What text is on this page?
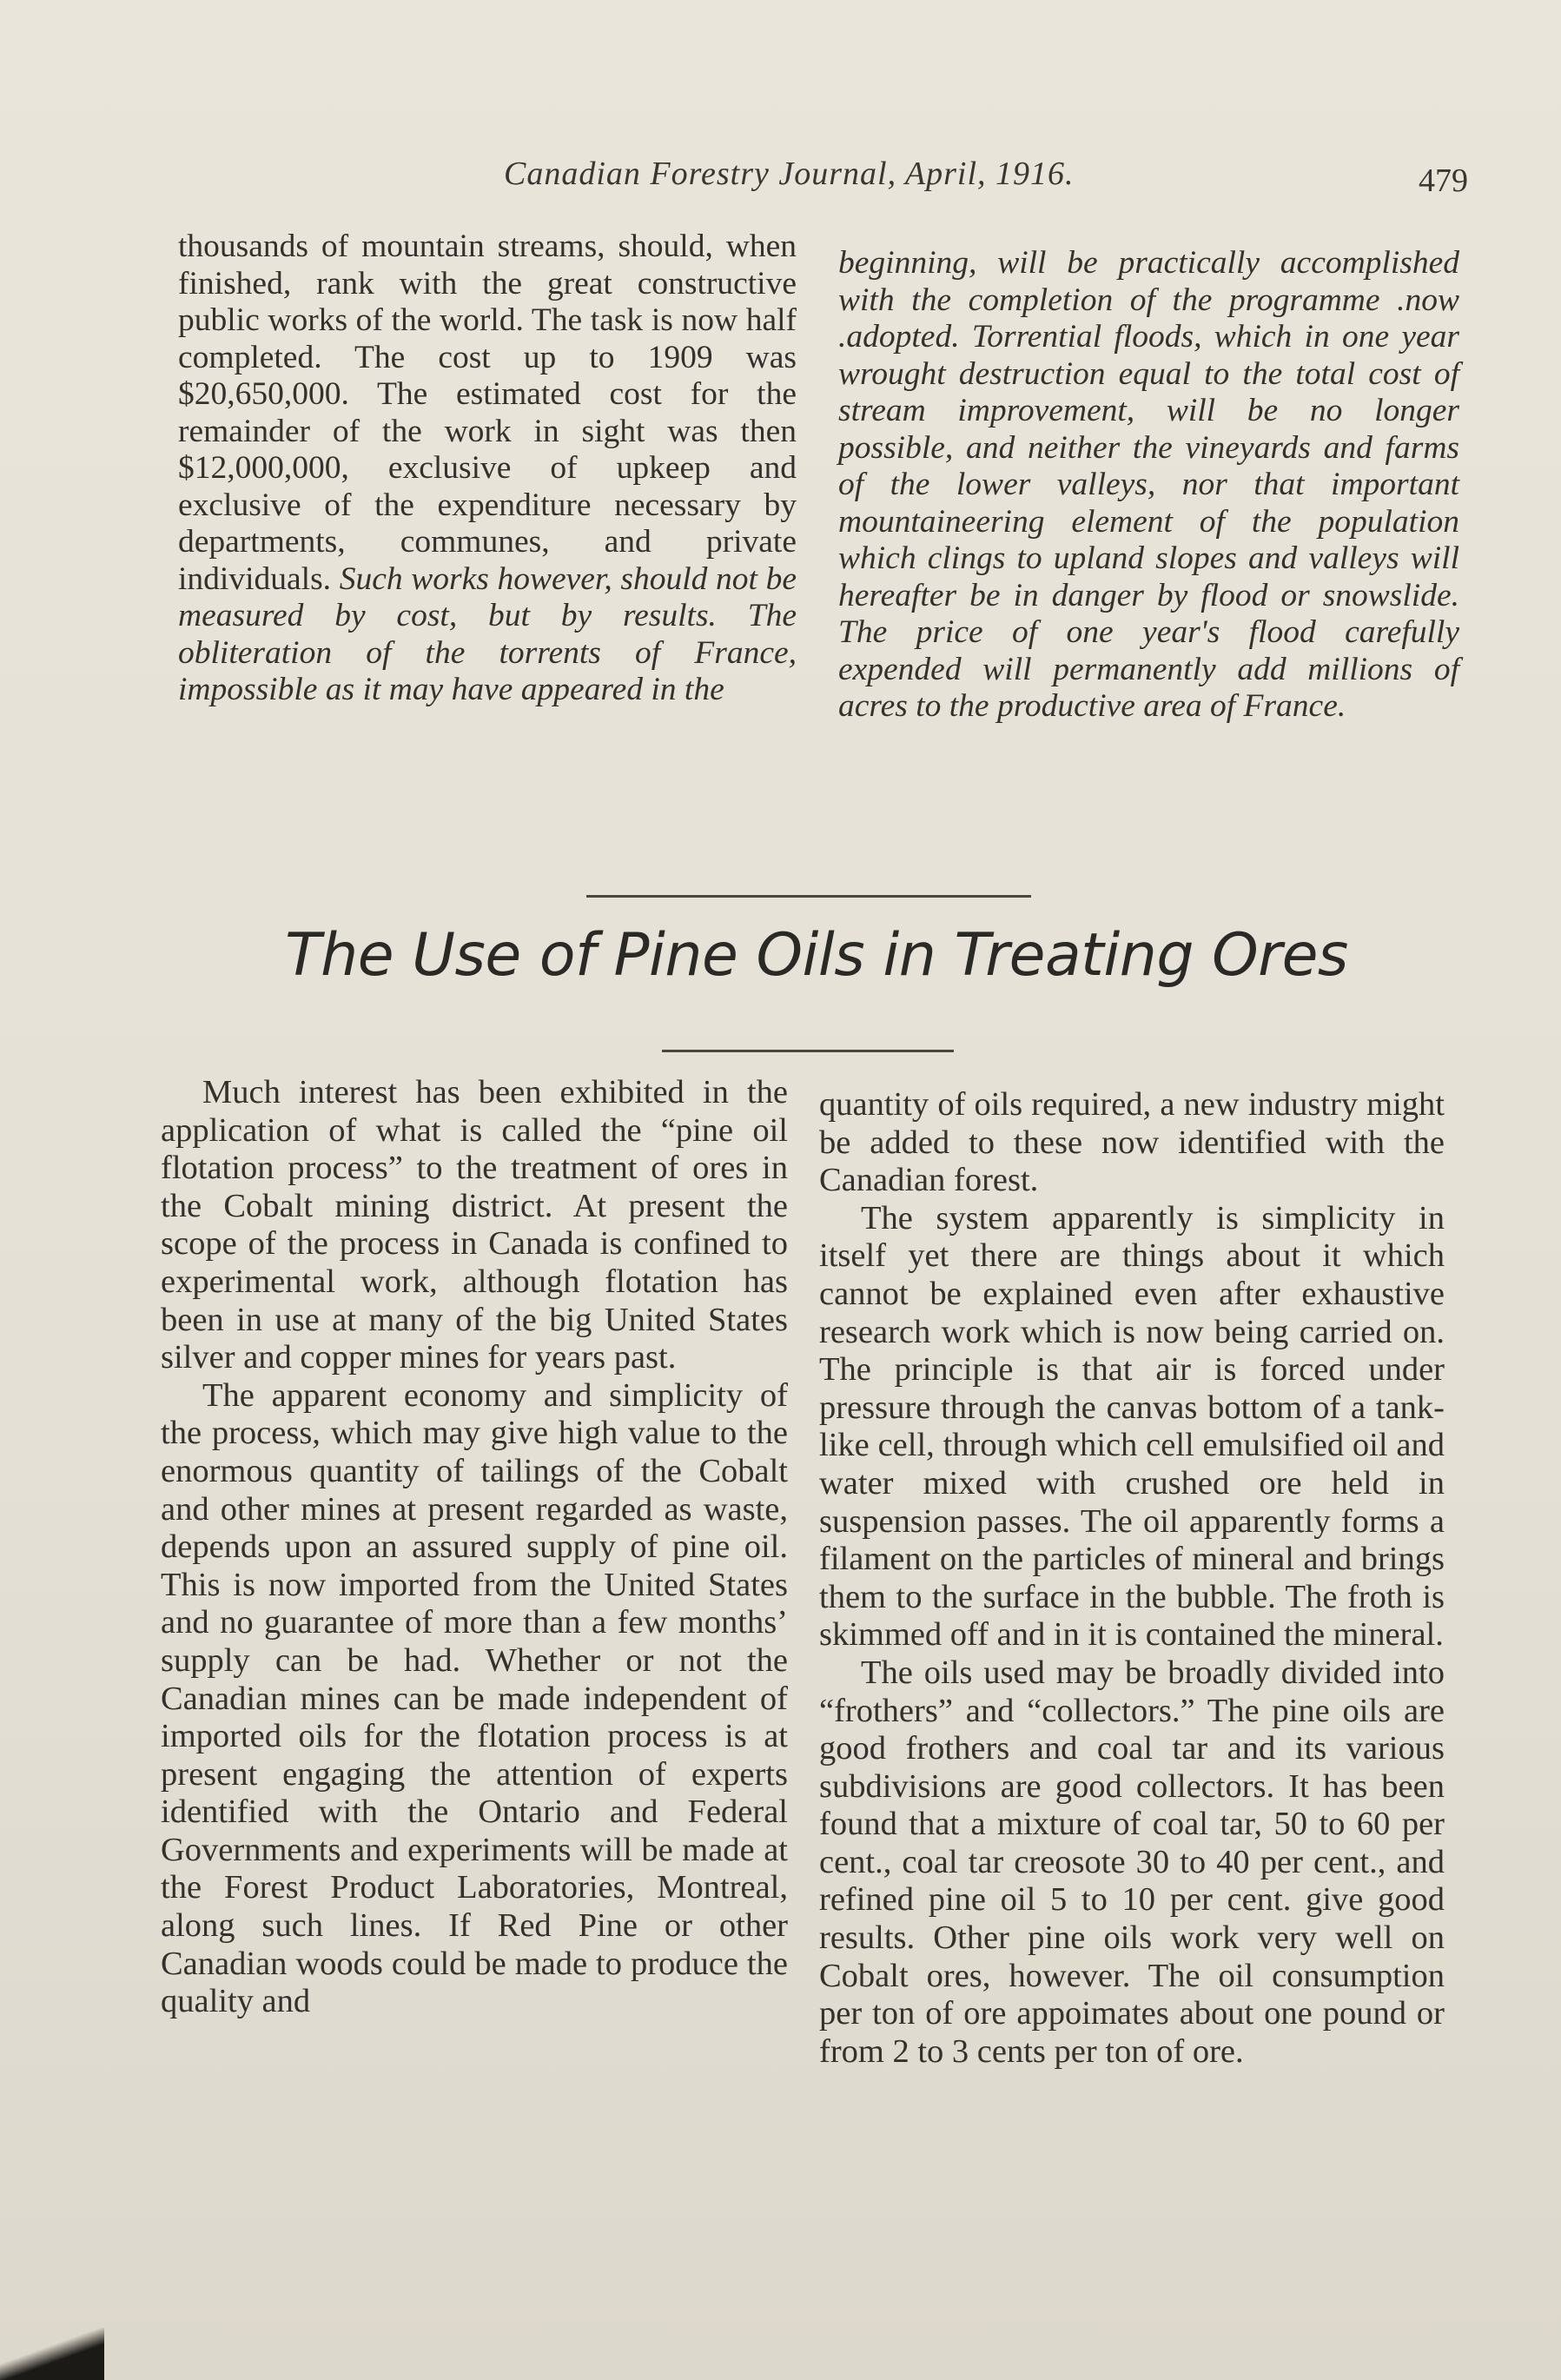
Canadian Forestry Journal, April, 1916.	479

thousands of mountain streams, should, when finished, rank with the great constructive public works of the world. The task is now half completed. The cost up to 1909 was $20,650,000. The estimated cost for the remainder of the work in sight was then $12,000,000, exclusive of upkeep and exclusive of the expenditure necessary by departments, communes, and private individuals. Such works however, should not be measured by cost, but by results. The obliteration of the torrents of France, impossible as it may have appeared in the

beginning, will be practically accomplished with the completion of the programme .now .adopted. Torrential floods, which in one year wrought destruction equal to the total cost of stream improvement, will be no longer possible, and neither the vineyards and farms of the lower valleys, nor that important mountaineering element of the population which clings to upland slopes and valleys will hereafter be in danger by flood or snowslide. The price of one year's flood carefully expended will permanently add millions of acres to the productive area of France.

The Use of Pine Oils in Treating Ores

Much interest has been exhibited in the application of what is called the “pine oil flotation process” to the treatment of ores in the Cobalt mining district. At present the scope of the process in Canada is confined to experimental work, although flotation has been in use at many of the big United States silver and copper mines for years past.

The apparent economy and simplicity of the process, which may give high value to the enormous quantity of tailings of the Cobalt and other mines at present regarded as waste, depends upon an assured supply of pine oil. This is now imported from the United States and no guarantee of more than a few months’ supply can be had. Whether or not the Canadian mines can be made independent of imported oils for the flotation process is at present engaging the attention of experts identified with the Ontario and Federal Governments and experiments will be made at the Forest Product Laboratories, Montreal, along such lines. If Red Pine or other Canadian woods could be made to produce the quality and

quantity of oils required, a new industry might be added to these now identified with the Canadian forest.

The system apparently is simplicity in itself yet there are things about it which cannot be explained even after exhaustive research work which is now being carried on. The principle is that air is forced under pressure through the canvas bottom of a tank-like cell, through which cell emulsified oil and water mixed with crushed ore held in suspension passes. The oil apparently forms a filament on the particles of mineral and brings them to the surface in the bubble. The froth is skimmed off and in it is contained the mineral.

The oils used may be broadly divided into “frothers” and “collectors.” The pine oils are good frothers and coal tar and its various subdivisions are good collectors. It has been found that a mixture of coal tar, 50 to 60 per cent., coal tar creosote 30 to 40 per cent., and refined pine oil 5 to 10 per cent. give good results. Other pine oils work very well on Cobalt ores, however. The oil consumption per ton of ore appoimates about one pound or from 2 to 3 cents per ton of ore.
